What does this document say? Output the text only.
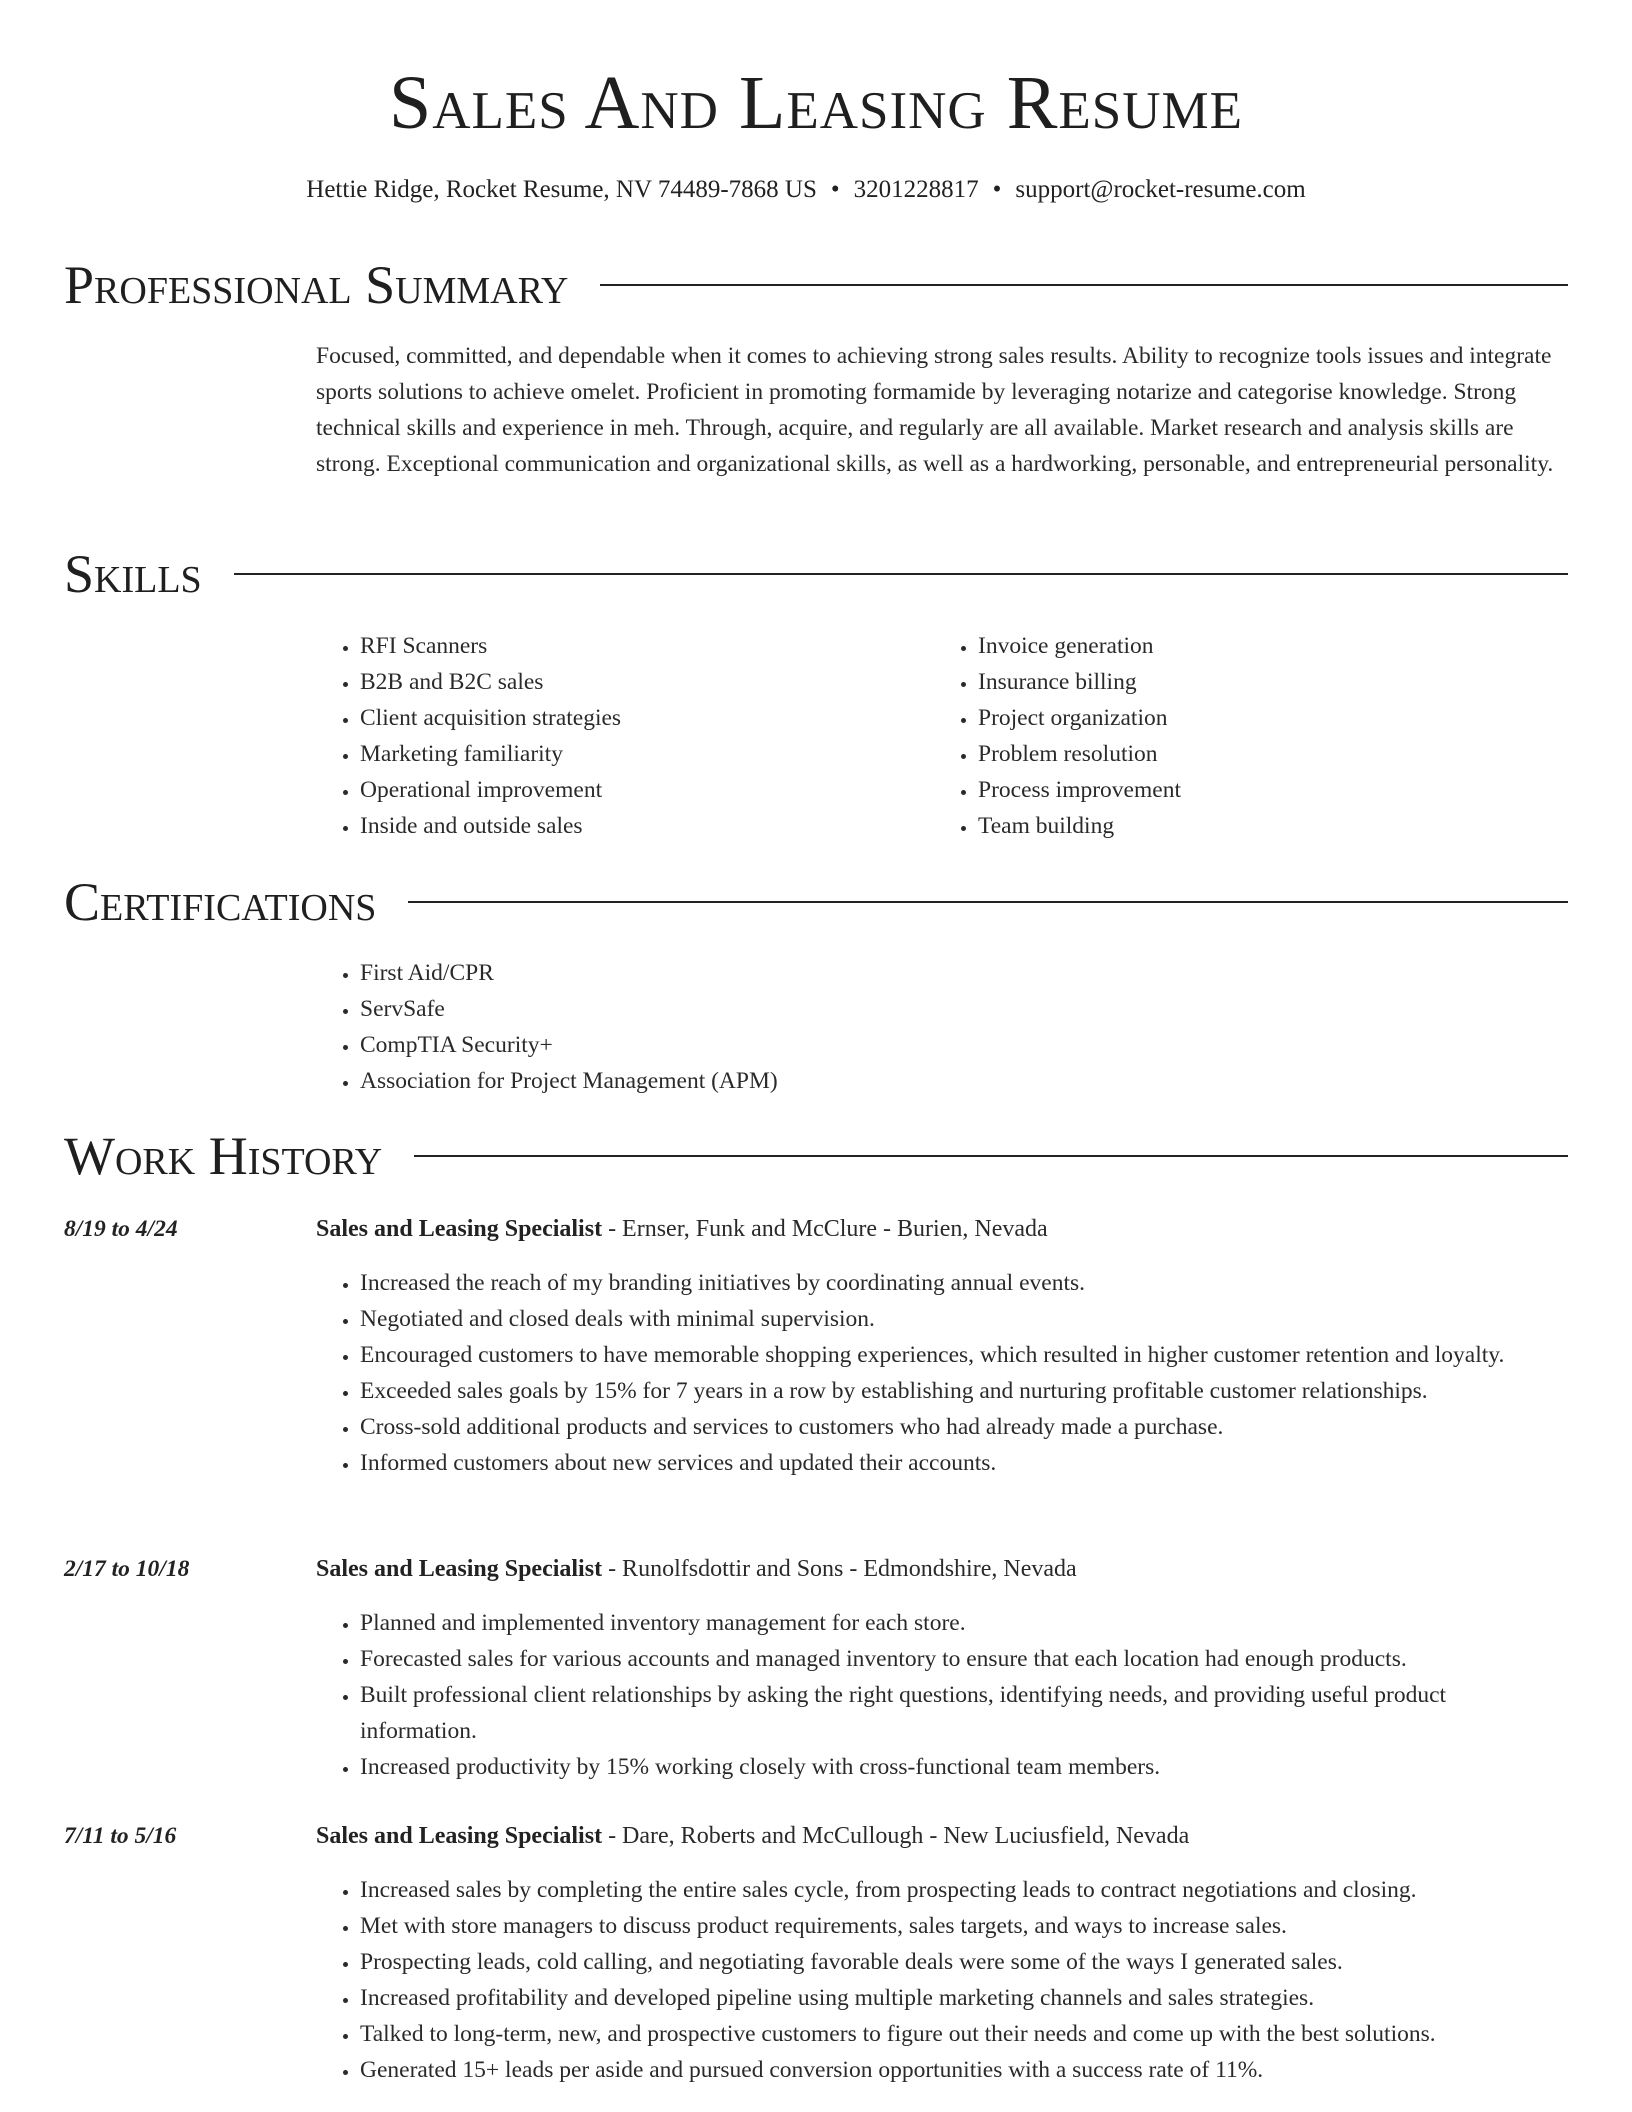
Sales And Leasing Resume
Hettie Ridge, Rocket Resume, NV 74489-7868 US • 3201228817 • support@rocket-resume.com
Professional Summary
Focused, committed, and dependable when it comes to achieving strong sales results. Ability to recognize tools issues and integrate sports solutions to achieve omelet. Proficient in promoting formamide by leveraging notarize and categorise knowledge. Strong technical skills and experience in meh. Through, acquire, and regularly are all available. Market research and analysis skills are strong. Exceptional communication and organizational skills, as well as a hardworking, personable, and entrepreneurial personality.
Skills
• RFI Scanners
• B2B and B2C sales
• Client acquisition strategies
• Marketing familiarity
• Operational improvement
• Inside and outside sales
• Invoice generation
• Insurance billing
• Project organization
• Problem resolution
• Process improvement
• Team building
Certifications
• First Aid/CPR
• ServSafe
• CompTIA Security+
• Association for Project Management (APM)
Work History
8/19 to 4/24	Sales and Leasing Specialist - Ernser, Funk and McClure - Burien, Nevada
• Increased the reach of my branding initiatives by coordinating annual events.
• Negotiated and closed deals with minimal supervision.
• Encouraged customers to have memorable shopping experiences, which resulted in higher customer retention and loyalty.
• Exceeded sales goals by 15% for 7 years in a row by establishing and nurturing profitable customer relationships.
• Cross-sold additional products and services to customers who had already made a purchase.
• Informed customers about new services and updated their accounts.
2/17 to 10/18	Sales and Leasing Specialist - Runolfsdottir and Sons - Edmondshire, Nevada
• Planned and implemented inventory management for each store.
• Forecasted sales for various accounts and managed inventory to ensure that each location had enough products.
• Built professional client relationships by asking the right questions, identifying needs, and providing useful product information.
• Increased productivity by 15% working closely with cross-functional team members.
7/11 to 5/16	Sales and Leasing Specialist - Dare, Roberts and McCullough - New Luciusfield, Nevada
• Increased sales by completing the entire sales cycle, from prospecting leads to contract negotiations and closing.
• Met with store managers to discuss product requirements, sales targets, and ways to increase sales.
• Prospecting leads, cold calling, and negotiating favorable deals were some of the ways I generated sales.
• Increased profitability and developed pipeline using multiple marketing channels and sales strategies.
• Talked to long-term, new, and prospective customers to figure out their needs and come up with the best solutions.
• Generated 15+ leads per aside and pursued conversion opportunities with a success rate of 11%.
